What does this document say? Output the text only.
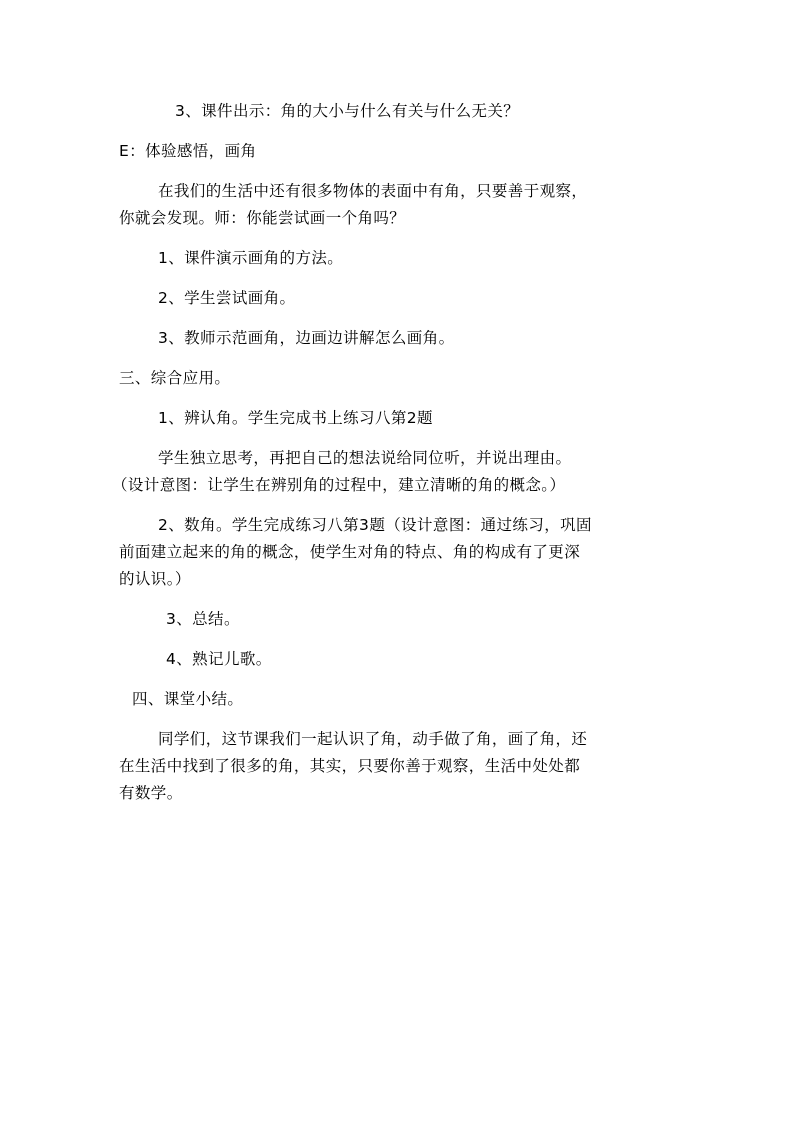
3、课件出示：角的大小与什么有关与什么无关？
E：体验感悟，画角
在我们的生活中还有很多物体的表面中有角，只要善于观察，
你就会发现。师：你能尝试画一个角吗？
1、课件演示画角的方法。
2、学生尝试画角。
3、教师示范画角，边画边讲解怎么画角。
三、综合应用。
1、辨认角。学生完成书上练习八第2题
学生独立思考，再把自己的想法说给同位听，并说出理由。
（设计意图：让学生在辨别角的过程中，建立清晰的角的概念。）
2、数角。学生完成练习八第3题（设计意图：通过练习，巩固
前面建立起来的角的概念，使学生对角的特点、角的构成有了更深
的认识。）
3、总结。
4、熟记儿歌。
四、课堂小结。
同学们，这节课我们一起认识了角，动手做了角，画了角，还
在生活中找到了很多的角，其实，只要你善于观察，生活中处处都
有数学。
